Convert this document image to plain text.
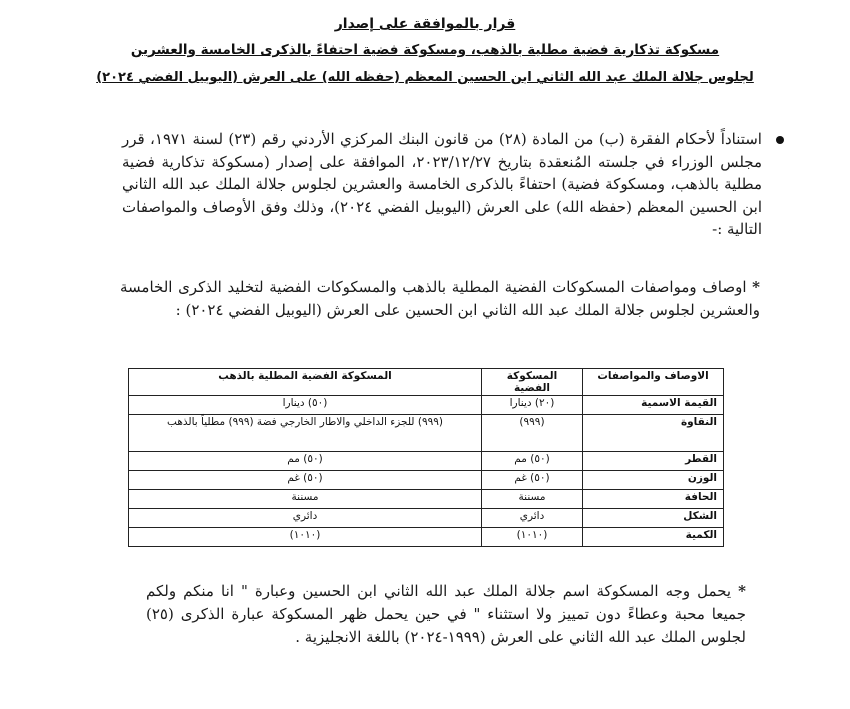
قرار بالموافقة على إصدار
مسكوكة تذكارية فضية مطلية بالذهب، ومسكوكة فضية احتفاءً بالذكرى الخامسة والعشرين
لجلوس جلالة الملك عبد الله الثاني ابن الحسين المعظم (حفظه الله) على العرش (اليوبيل الفضي ٢٠٢٤)
استناداً لأحكام الفقرة (ب) من المادة (٢٨) من قانون البنك المركزي الأردني رقم (٢٣) لسنة ١٩٧١، قرر مجلس الوزراء في جلسته المُنعقدة بتاريخ ٢٠٢٣/١٢/٢٧، الموافقة على إصدار (مسكوكة تذكارية فضية مطلية بالذهب، ومسكوكة فضية) احتفاءً بالذكرى الخامسة والعشرين لجلوس جلالة الملك عبد الله الثاني ابن الحسين المعظم (حفظه الله) على العرش (اليوبيل الفضي ٢٠٢٤)، وذلك وفق الأوصاف والمواصفات التالية :-
* اوصاف ومواصفات المسكوكات الفضية المطلية بالذهب والمسكوكات الفضية لتخليد الذكرى الخامسة والعشرين لجلوس جلالة الملك عبد الله الثاني ابن الحسين على العرش (اليوبيل الفضي ٢٠٢٤) :
الاوصاف والمواصفات	المسكوكة الفضية	المسكوكة الفضية المطلية بالذهب
القيمة الاسمية	(٢٠) دينارا	(٥٠) دينارا
النقاوة	(٩٩٩)	(٩٩٩) للجزء الداخلي والاطار الخارجي فضة (٩٩٩) مطلياً بالذهب
القطر	(٥٠) مم	(٥٠) مم
الوزن	(٥٠) غم	(٥٠) غم
الحافة	مسننة	مسننة
الشكل	دائري	دائري
الكمية	(١٠١٠)	(١٠١٠)
* يحمل وجه المسكوكة اسم جلالة الملك عبد الله الثاني ابن الحسين وعبارة " انا منكم ولكم جميعا محبة وعطاءً دون تمييز ولا استثناء " في حين يحمل ظهر المسكوكة عبارة الذكرى (٢٥) لجلوس الملك عبد الله الثاني على العرش (١٩٩٩-٢٠٢٤) باللغة الانجليزية .
